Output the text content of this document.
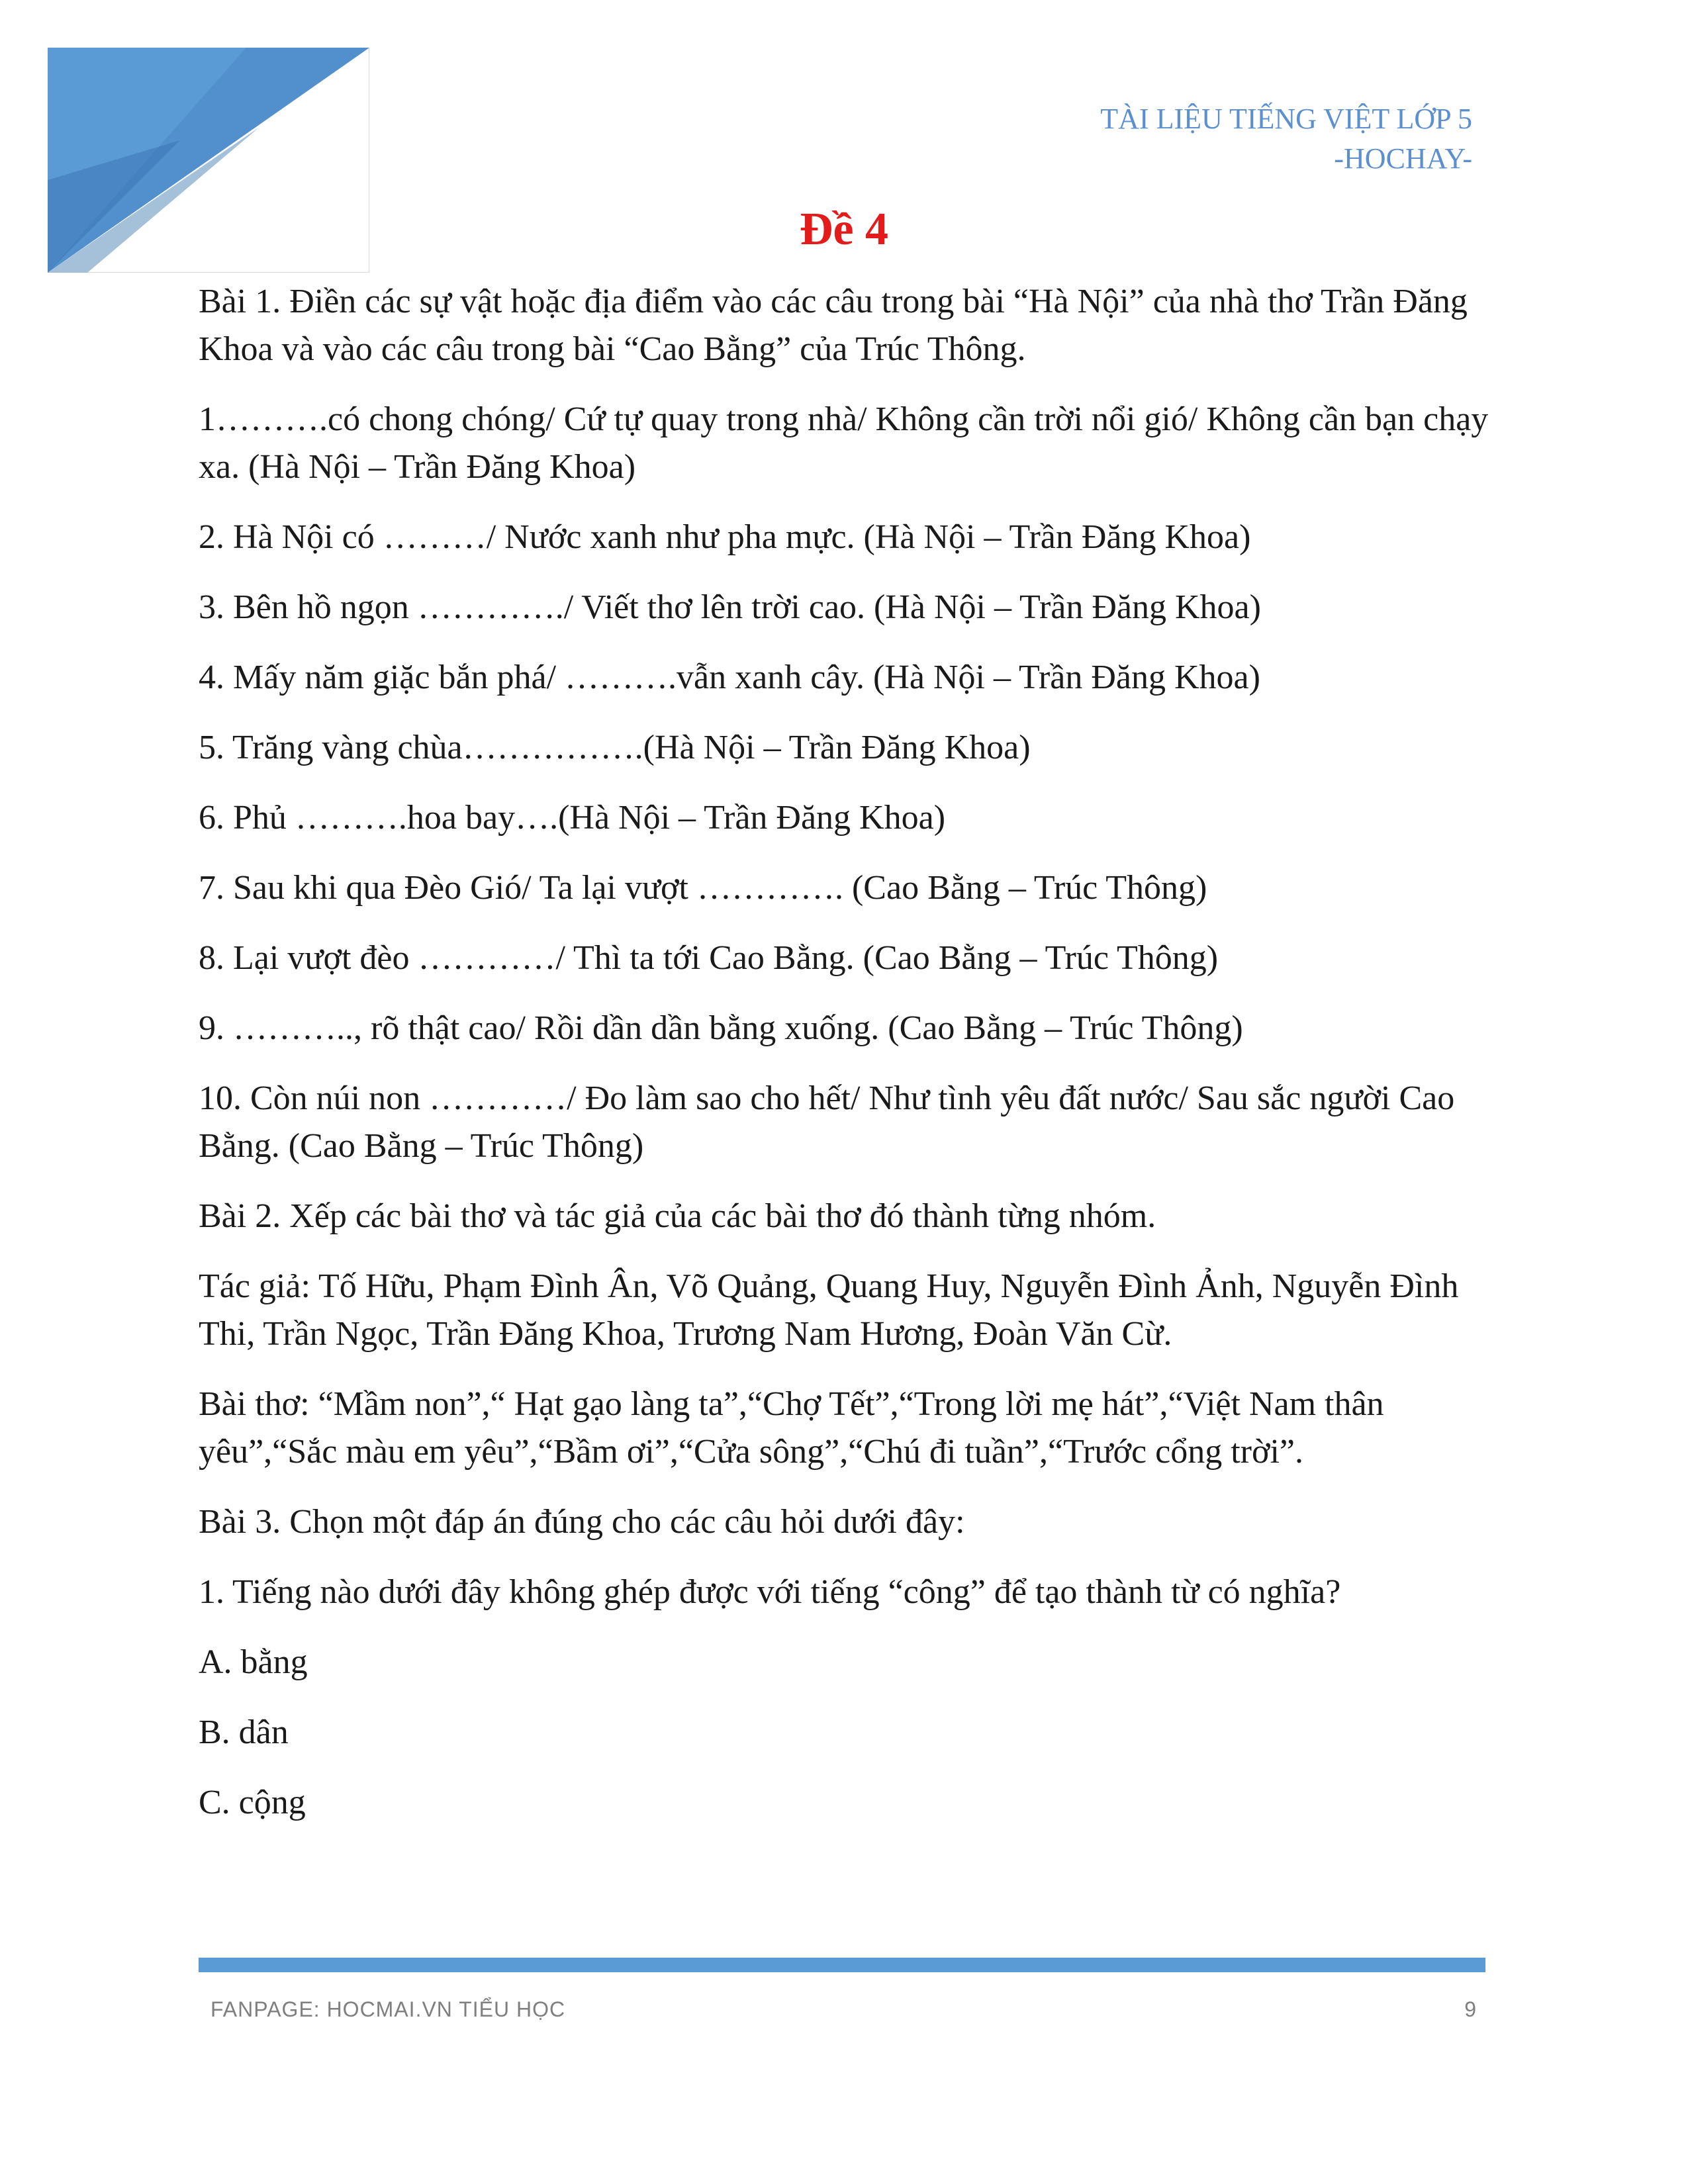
TÀI LIỆU TIẾNG VIỆT LỚP 5
-HOCHAY-
Đề 4

Bài 1. Điền các sự vật hoặc địa điểm vào các câu trong bài “Hà Nội” của nhà thơ Trần Đăng Khoa và vào các câu trong bài “Cao Bằng” của Trúc Thông.

1……….có chong chóng/ Cứ tự quay trong nhà/ Không cần trời nổi gió/ Không cần bạn chạy xa. (Hà Nội – Trần Đăng Khoa)

2. Hà Nội có ………/ Nước xanh như pha mực. (Hà Nội – Trần Đăng Khoa)

3. Bên hồ ngọn …………./ Viết thơ lên trời cao. (Hà Nội – Trần Đăng Khoa)

4. Mấy năm giặc bắn phá/ ……….vẫn xanh cây. (Hà Nội – Trần Đăng Khoa)

5. Trăng vàng chùa…………….(Hà Nội – Trần Đăng Khoa)

6. Phủ ……….hoa bay….(Hà Nội – Trần Đăng Khoa)

7. Sau khi qua Đèo Gió/ Ta lại vượt …………. (Cao Bằng – Trúc Thông)

8. Lại vượt đèo …………/ Thì ta tới Cao Bằng. (Cao Bằng – Trúc Thông)

9. ……….., rõ thật cao/ Rồi dần dần bằng xuống. (Cao Bằng – Trúc Thông)

10. Còn núi non …………/ Đo làm sao cho hết/ Như tình yêu đất nước/ Sau sắc người Cao Bằng. (Cao Bằng – Trúc Thông)

Bài 2. Xếp các bài thơ và tác giả của các bài thơ đó thành từng nhóm.

Tác giả: Tố Hữu, Phạm Đình Ân, Võ Quảng, Quang Huy, Nguyễn Đình Ảnh, Nguyễn Đình Thi, Trần Ngọc, Trần Đăng Khoa, Trương Nam Hương, Đoàn Văn Cừ.

Bài thơ: “Mầm non”,“ Hạt gạo làng ta”,“Chợ Tết”,“Trong lời mẹ hát”,“Việt Nam thân yêu”,“Sắc màu em yêu”,“Bầm ơi”,“Cửa sông”,“Chú đi tuần”,“Trước cổng trời”.

Bài 3. Chọn một đáp án đúng cho các câu hỏi dưới đây:

1. Tiếng nào dưới đây không ghép được với tiếng “công” để tạo thành từ có nghĩa?

A. bằng

B. dân

C. cộng

FANPAGE: HOCMAI.VN TIỂU HỌC	9
